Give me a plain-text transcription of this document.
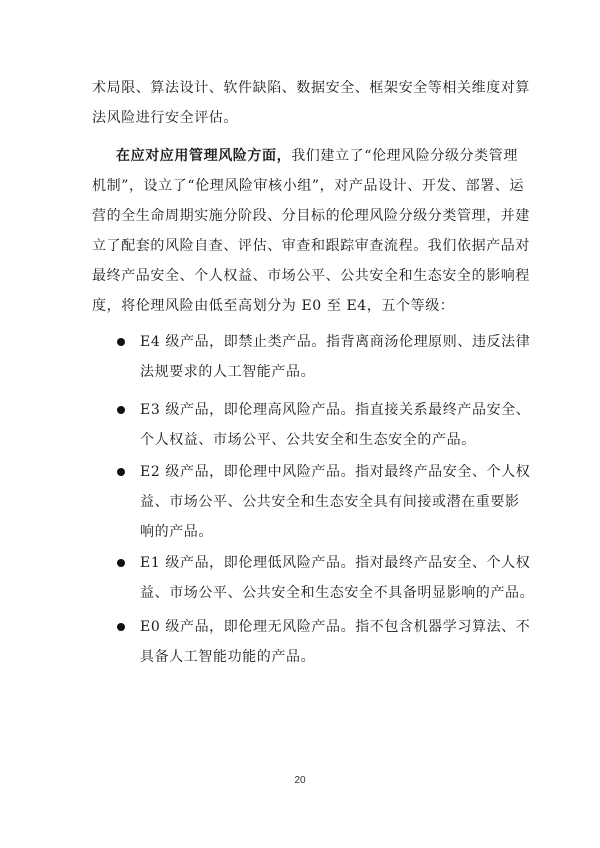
术局限、算法设计、软件缺陷、数据安全、框架安全等相关维度对算
法风险进行安全评估。
在应对应用管理风险方面，我们建立了“伦理风险分级分类管理
机制”，设立了“伦理风险审核小组”，对产品设计、开发、部署、运
营的全生命周期实施分阶段、分目标的伦理风险分级分类管理，并建
立了配套的风险自查、评估、审查和跟踪审查流程。我们依据产品对
最终产品安全、个人权益、市场公平、公共安全和生态安全的影响程
度，将伦理风险由低至高划分为 E0 至 E4，五个等级：
E4 级产品，即禁止类产品。指背离商汤伦理原则、违反法律
法规要求的人工智能产品。
E3 级产品，即伦理高风险产品。指直接关系最终产品安全、
个人权益、市场公平、公共安全和生态安全的产品。
E2 级产品，即伦理中风险产品。指对最终产品安全、个人权
益、市场公平、公共安全和生态安全具有间接或潜在重要影
响的产品。
E1 级产品，即伦理低风险产品。指对最终产品安全、个人权
益、市场公平、公共安全和生态安全不具备明显影响的产品。
E0 级产品，即伦理无风险产品。指不包含机器学习算法、不
具备人工智能功能的产品。
20
